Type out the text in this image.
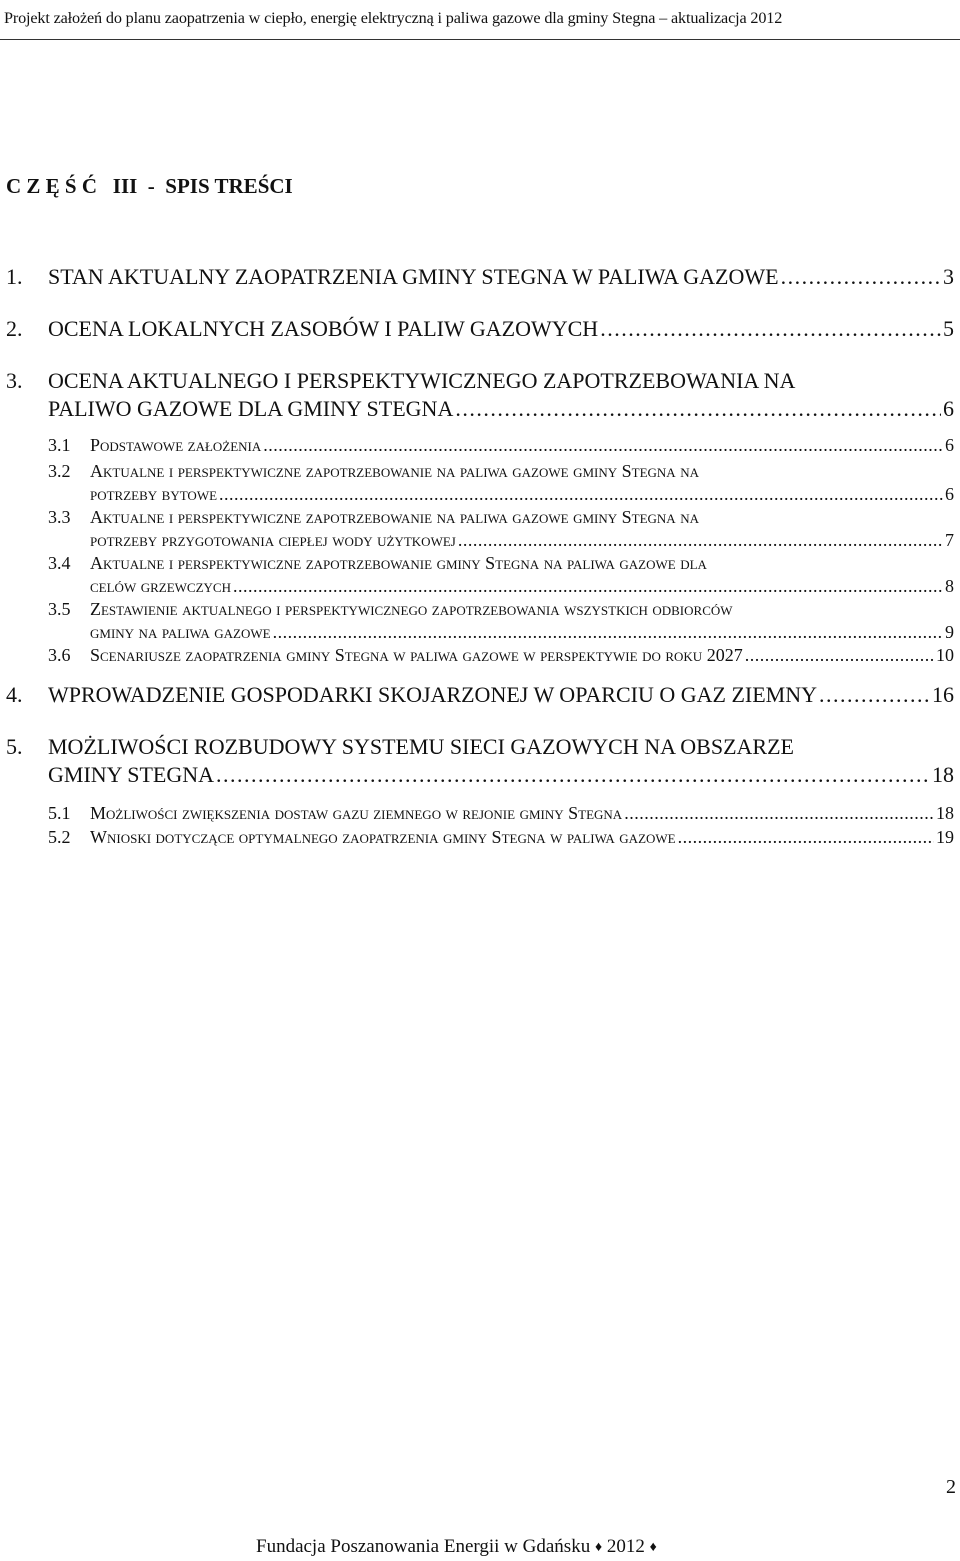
Projekt założeń do planu zaopatrzenia w ciepło, energię elektryczną i paliwa gazowe dla gminy Stegna – aktualizacja 2012
C Z Ę Ś Ć   III  -  SPIS TREŚCI
1. STAN AKTUALNY ZAOPATRZENIA GMINY STEGNA W PALIWA GAZOWE . . .	3
2. OCENA LOKALNYCH ZASOBÓW I PALIW GAZOWYCH . . .	5
3. OCENA AKTUALNEGO I PERSPEKTYWICZNEGO ZAPOTRZEBOWANIA NA
PALIWO GAZOWE DLA GMINY STEGNA . . .	6
3.1 Podstawowe założenia . . .	6
3.2 Aktualne i perspektywiczne zapotrzebowanie na paliwa gazowe gminy Stegna na
potrzeby bytowe . . .	6
3.3 Aktualne i perspektywiczne zapotrzebowanie na paliwa gazowe gminy Stegna na
potrzeby przygotowania ciepłej wody użytkowej . . .	7
3.4 Aktualne i perspektywiczne zapotrzebowanie gminy Stegna na paliwa gazowe dla
celów grzewczych . . .	8
3.5 Zestawienie aktualnego i perspektywicznego zapotrzebowania wszystkich odbiorców
gminy na paliwa gazowe . . .	9
3.6 Scenariusze zaopatrzenia gminy Stegna w paliwa gazowe w perspektywie do roku 2027 . . .	10
4. WPROWADZENIE GOSPODARKI SKOJARZONEJ W OPARCIU O GAZ ZIEMNY . . .	16
5. MOŻLIWOŚCI ROZBUDOWY SYSTEMU SIECI GAZOWYCH NA OBSZARZE
GMINY STEGNA . . .	18
5.1 Możliwości zwiększenia dostaw gazu ziemnego w rejonie gminy Stegna . . .	18
5.2 Wnioski dotyczące optymalnego zaopatrzenia gminy Stegna w paliwa gazowe . . .	19
2
Fundacja Poszanowania Energii w Gdańsku ♦ 2012 ♦
